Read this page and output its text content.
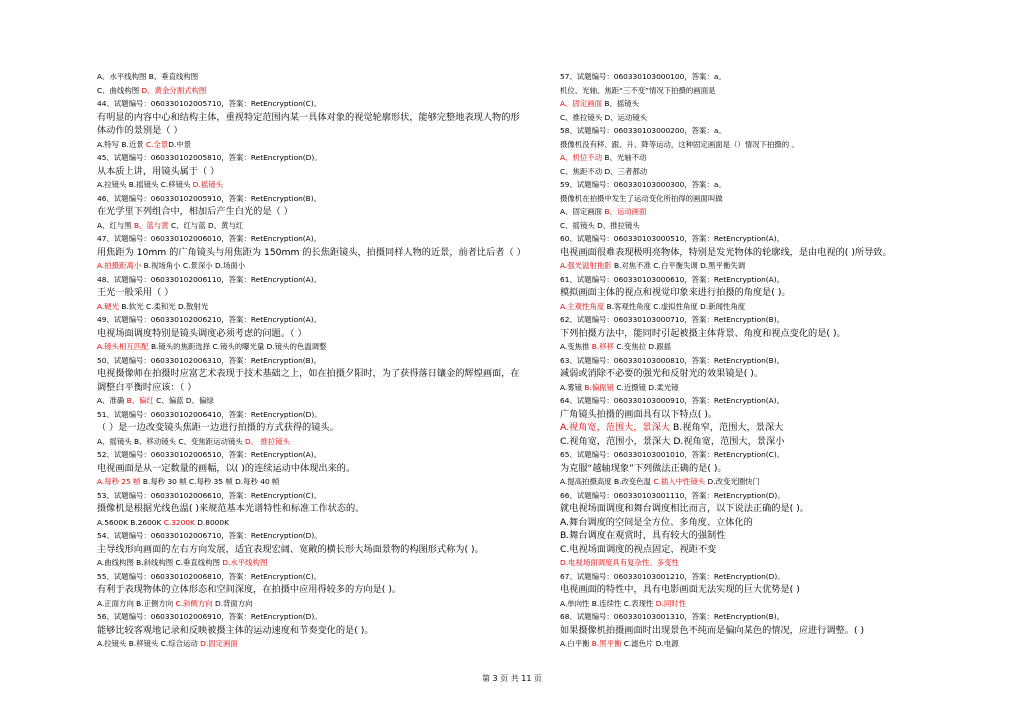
A、水平线构图 B、垂直线构图
C、曲线构图 D、黄金分割式构图
44、试题编号：060330102005710，答案：RetEncryption(C)。
有明显的内容中心和结构主体，重视特定范围内某一具体对象的视觉轮廓形状，能够完整地表现人物的形
体动作的景别是（ ）
A.特写 B.近景 C.全景D.中景
45、试题编号：060330102005810，答案：RetEncryption(D)。
从本质上讲，用镜头属于（ ）
A.拉镜头 B.摇镜头 C.移镜头 D.摇镜头
46、试题编号：060330102005910，答案：RetEncryption(B)。
在光学里下列组合中，相加后产生白光的是（ ）
A、红与黑 B、蓝与黄 C、红与蓝 D、黄与红
47、试题编号：060330102006010，答案：RetEncryption(A)。
用焦距为 10mm 的广角镜头与用焦距为 150mm 的长焦距镜头，拍摄同样人物的近景，前者比后者（ ）
A.拍摄距离小 B.视场角小 C.景深小 D.场面小
48、试题编号：060330102006110，答案：RetEncryption(A)。
王光一般采用（ ）
A.硬光 B.软光 C.柔和光 D.散射光
49、试题编号：060330102006210，答案：RetEncryption(A)。
电视场面调度特别是镜头调度必须考虑的问题。（ ）
A.镜头相互匹配 B.镜头的焦距选择 C.镜头的曝光量 D.镜头的色温调整
50、试题编号：060330102006310，答案：RetEncryption(B)。
电视摄像师在拍摄时应富艺术表现于技术基础之上，如在拍摄夕阳时，为了获得落日镶金的辉煌画面，在
调整白平衡时应该：（ ）
A、准确 B、偏红 C、偏蓝 D、偏绿
51、试题编号：060330102006410，答案：RetEncryption(D)。
（ ）是一边改变镜头焦距一边进行拍摄的方式获得的镜头。
A、摇镜头 B、移动镜头 C、变焦距运动镜头 D、 推拉镜头
52、试题编号：060330102006510，答案：RetEncryption(A)。
电视画面是从一定数量的画幅，以( )的连续运动中体现出来的。
A.每秒 25 帧 B.每秒 30 帧 C.每秒 35 帧 D.每秒 40 帧
53、试题编号：060330102006610，答案：RetEncryption(C)。
摄像机是根据光线色温( )来规范基本光谱特性和标准工作状态的。
A.5600K B.2600K C.3200K D.8000K
54、试题编号：060330102006710，答案：RetEncryption(D)。
主导线形向画面的左右方向发展，适宜表现宏阔、宽敞的横长形大场面景物的构图形式称为( )。
A.曲线构图 B.斜线构图 C.垂直线构图 D.水平线构图
55、试题编号：060330102006810，答案：RetEncryption(C)。
有利于表现物体的立体形态和空间深度，在拍摄中应用得较多的方向是( )。
A.正面方向 B.正侧方向 C.斜侧方向 D.背面方向
56、试题编号：060330102006910，答案：RetEncryption(D)。
能够比较客观地记录和反映被摄主体的运动速度和节奏变化的是( )。
A.拉镜头 B.移镜头 C.综合运动 D.固定画面
57、试题编号：060330103000100，答案：a。
机位、光轴、焦距“三不变”情况下拍摄的画面是
A、固定画面 B、摇镜头
C、推拉镜头 D、运动镜头
58、试题编号：060330103000200，答案：a。
摄像机没有移、跟、升、降等运动，这种固定画面是（）情况下拍摄的 。
A、机位不动 B、光轴不动
C、焦距不动 D、三者都动
59、试题编号：060330103000300，答案：a。
摄像机在拍摄中发生了运动变化所拍得的画面叫做
A、固定画面 B、运动画面
C、摇镜头 D、推拉镜头
60、试题编号：060330103000510，答案：RetEncryption(A)。
电视画面很难表现极明亮物体，特别是发光物体的轮廓线，是由电视的( )所导致。
A.强光溢射拖影 B.对焦不准 C.白平衡失调 D.黑平衡失调
61、试题编号：060330103000610，答案：RetEncryption(A)。
模拟画面主体的视点和视觉印象来进行拍摄的角度是( )。
A.主观性角度 B.客观性角度 C.虚拟性角度 D.新闻性角度
62、试题编号：060330103000710，答案：RetEncryption(B)。
下列拍摄方法中，能同时引起被摄主体背景、角度和视点变化的是( )。
A.变焦推 B.移移 C.变焦拉 D.跟摇
63、试题编号：060330103000810，答案：RetEncryption(B)。
减弱或消除不必要的强光和反射光的效果镜是( )。
A.雾镜 B.偏振镜 C.近摄镜 D.柔光镜
64、试题编号：060330103000910，答案：RetEncryption(A)。
广角镜头拍摄的画面具有以下特点( )。
A.视角宽，范围大，景深大 B.视角窄，范围大，景深大
C.视角宽，范围小，景深大 D.视角宽，范围大，景深小
65、试题编号：060330103001010，答案：RetEncryption(C)。
为克服“越轴现象”下列做法正确的是( )。
A.提高拍摄高度 B.改变色温 C.插入中性镜头 D.改变光圈快门
66、试题编号：060330103001110，答案：RetEncryption(D)。
就电视场面调度和舞台调度相比而言，以下说法正确的是( )。
A.舞台调度的空间是全方位、多角度、立体化的
B.舞台调度在观赏时，具有较大的强制性
C.电视场面调度的视点固定、视距不变
D.电视场面调度具有复杂性、多变性
67、试题编号：060330103001210，答案：RetEncryption(D)。
电视画面的特性中，具有电影画面无法实现的巨大优势是( )
A.单向性 B.连续性 C.表现性 D.同时性
68、试题编号：060330103001310，答案：RetEncryption(B)。
如果摄像机拍摄画面时出现景色不纯而是偏向某色的情况，应进行调整。( )
A.白平衡 B.黑平衡 C.滤色片 D.电源
第 3 页 共 11 页
